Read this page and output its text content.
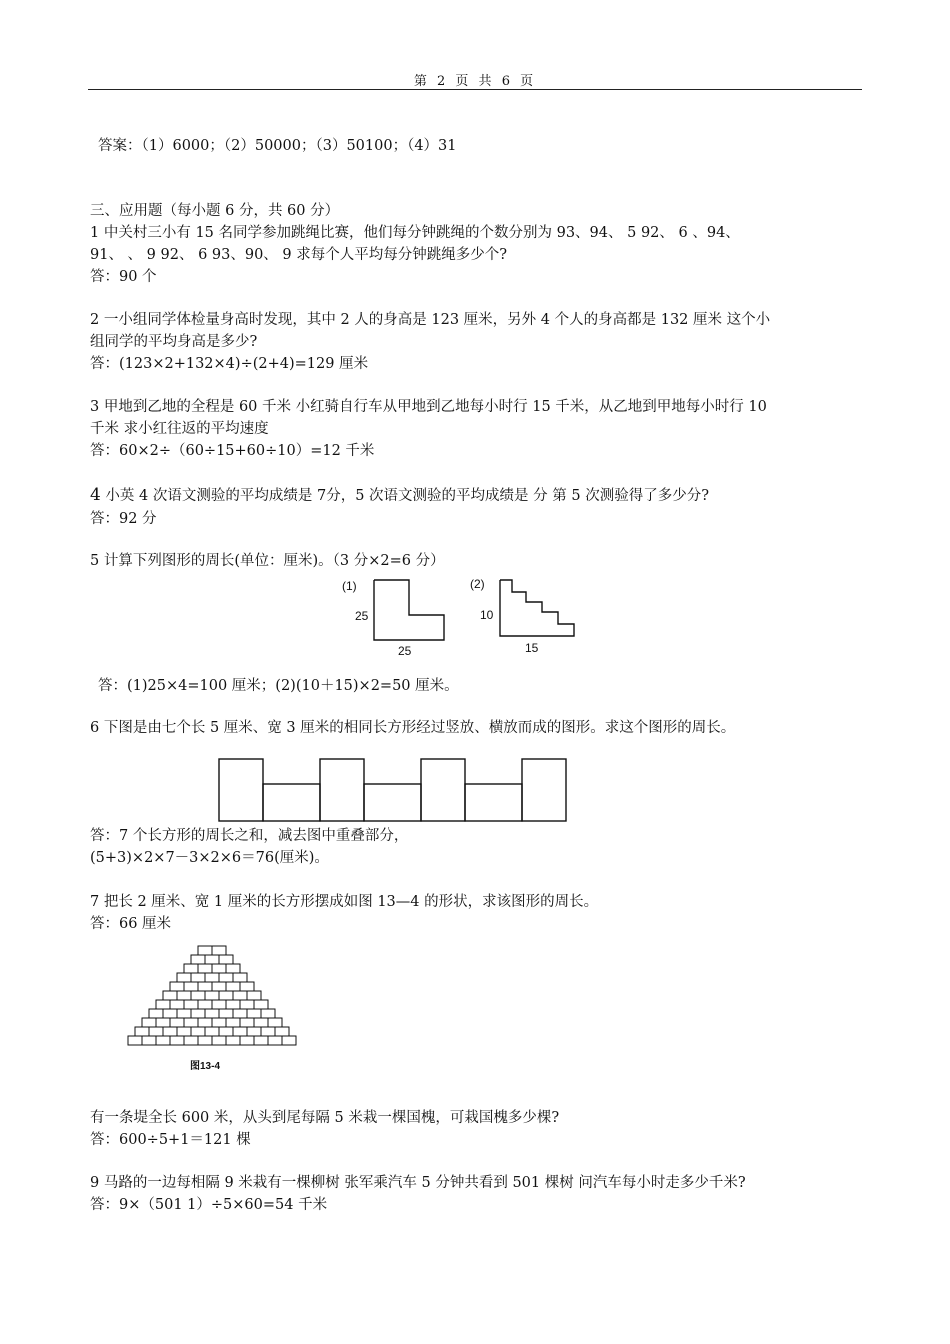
第 2 页 共 6 页
答案：（1）6000；（2）50000；（3）50100；（4）31
三、应用题（每小题 6 分，共 60 分）
1 中关村三小有 15 名同学参加跳绳比赛，他们每分钟跳绳的个数分别为 93、94、 5 92、 6 、94、
91、 、 9 92、 6 93、90、 9 求每个人平均每分钟跳绳多少个?
答：90 个
2 一小组同学体检量身高时发现，其中 2 人的身高是 123 厘米，另外 4 个人的身高都是 132 厘米 这个小
组同学的平均身高是多少?
答：(123×2+132×4)÷(2+4)=129 厘米
3 甲地到乙地的全程是 60 千米 小红骑自行车从甲地到乙地每小时行 15 千米，从乙地到甲地每小时行 10
千米 求小红往返的平均速度
答：60×2÷（60÷15+60÷10）=12 千米
4 小英 4 次语文测验的平均成绩是 7分，5 次语文测验的平均成绩是 分 第 5 次测验得了多少分?
答：92 分
5 计算下列图形的周长(单位：厘米)。（3 分×2=6 分）
(1)
25
25
(2)
10
15
答：(1)25×4=100 厘米；(2)(10＋15)×2=50 厘米。
6 下图是由七个长 5 厘米、宽 3 厘米的相同长方形经过竖放、横放而成的图形。求这个图形的周长。
答：7 个长方形的周长之和，减去图中重叠部分，
(5+3)×2×7－3×2×6＝76(厘米)。
7 把长 2 厘米、宽 1 厘米的长方形摆成如图 13—4 的形状，求该图形的周长。
答：66 厘米
图13-4
有一条堤全长 600 米，从头到尾每隔 5 米栽一棵国槐，可栽国槐多少棵?
答：600÷5+1＝121 棵
9 马路的一边每相隔 9 米栽有一棵柳树 张军乘汽车 5 分钟共看到 501 棵树 问汽车每小时走多少千米?
答：9×（501 1）÷5×60=54 千米
